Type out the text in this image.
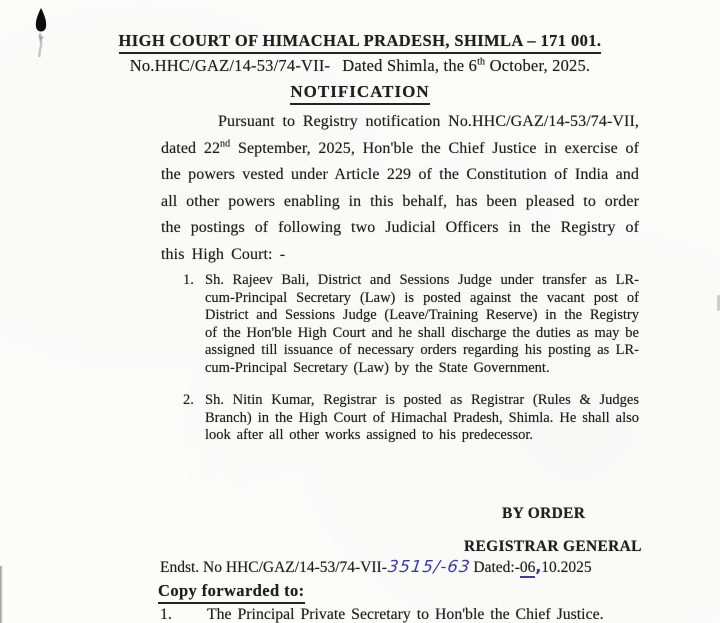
HIGH COURT OF HIMACHAL PRADESH, SHIMLA – 171 001.
No.HHC/GAZ/14-53/74-VII- Dated Shimla, the 6th October, 2025.
NOTIFICATION
Pursuant to Registry notification No.HHC/GAZ/14-53/74-VII, dated 22nd September, 2025, Hon'ble the Chief Justice in exercise of the powers vested under Article 229 of the Constitution of India and all other powers enabling in this behalf, has been pleased to order the postings of following two Judicial Officers in the Registry of this High Court: -
1. Sh. Rajeev Bali, District and Sessions Judge under transfer as LR-cum-Principal Secretary (Law) is posted against the vacant post of District and Sessions Judge (Leave/Training Reserve) in the Registry of the Hon'ble High Court and he shall discharge the duties as may be assigned till issuance of necessary orders regarding his posting as LR-cum-Principal Secretary (Law) by the State Government.
2. Sh. Nitin Kumar, Registrar is posted as Registrar (Rules & Judges Branch) in the High Court of Himachal Pradesh, Shimla. He shall also look after all other works assigned to his predecessor.
BY ORDER
REGISTRAR GENERAL
Endst. No HHC/GAZ/14-53/74-VII-3515/-63 Dated:-06,10.2025
Copy forwarded to:
1.	The Principal Private Secretary to Hon'ble the Chief Justice.
